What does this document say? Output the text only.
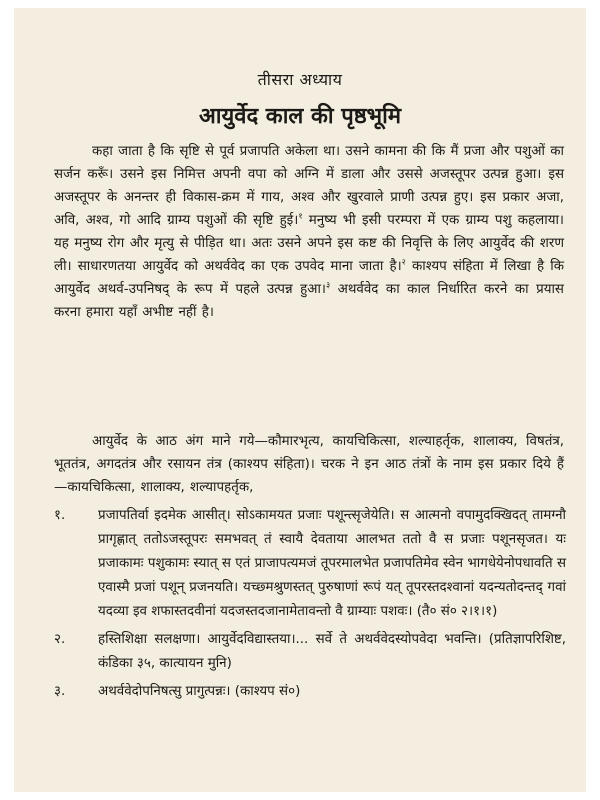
तीसरा अध्याय
आयुर्वेद काल की पृष्ठभूमि
कहा जाता है कि सृष्टि से पूर्व प्रजापति अकेला था। उसने कामना की कि मैं प्रजा और पशुओं का सर्जन करूँ। उसने इस निमित्त अपनी वपा को अग्नि में डाला और उससे अजस्तूपर उत्पन्न हुआ। इस अजस्तूपर के अनन्तर ही विकास-क्रम में गाय, अश्व और खुरवाले प्राणी उत्पन्न हुए। इस प्रकार अजा, अवि, अश्व, गो आदि ग्राम्य पशुओं की सृष्टि हुई।$^१$ मनुष्य भी इसी परम्परा में एक ग्राम्य पशु कहलाया। यह मनुष्य रोग और मृत्यु से पीड़ित था। अतः उसने अपने इस कष्ट की निवृत्ति के लिए आयुर्वेद की शरण ली। साधारणतया आयुर्वेद को अथर्ववेद का एक उपवेद माना जाता है।$^२$ काश्यप संहिता में लिखा है कि आयुर्वेद अथर्व-उपनिषद् के रूप में पहले उत्पन्न हुआ।$^३$ अथर्ववेद का काल निर्धारित करने का प्रयास करना हमारा यहाँ अभीष्ट नहीं है।
आयुर्वेद के आठ अंग माने गये—कौमारभृत्य, कायचिकित्सा, शल्याहर्तृक, शालाक्य, विषतंत्र, भूततंत्र, अगदतंत्र और रसायन तंत्र (काश्यप संहिता)। चरक ने इन आठ तंत्रों के नाम इस प्रकार दिये हैं—कायचिकित्सा, शालाक्य, शल्यापहर्तृक,
१.	प्रजापतिर्वा इदमेक आसीत्। सोऽकामयत प्रजाः पशून्त्सृजेयेति। स आत्मनो वपामुदक्खिदत् तामग्नौ प्रागृह्णात् ततोऽजस्तूपरः समभवत् तं स्वायै देवताया आलभत ततो वै स प्रजाः पशूनसृजत। यः प्रजाकामः पशुकामः स्यात् स एतं प्राजापत्यमजं तूपरमालभेत प्रजापतिमेव स्वेन भागधेयेनोपधावति स एवास्मै प्रजां पशून् प्रजनयति। यच्छ्मश्रुणस्तत् पुरुषाणां रूपं यत् तूपरस्तदश्वानां यदन्यतोदन्तद् गवां यदव्या इव शफास्तदवीनां यदजस्तदजानामेतावन्तो वै ग्राम्याः पशवः। (तै० सं० २।१।१)
२.	हस्तिशिक्षा सलक्षणा। आयुर्वेदविद्यास्तया।... सर्वे ते अथर्ववेदस्योपवेदा भवन्ति। (प्रतिज्ञापरिशिष्ट, कंडिका ३५, कात्यायन मुनि)
३.	अथर्ववेदोपनिषत्सु प्रागुत्पन्नः। (काश्यप सं०)
